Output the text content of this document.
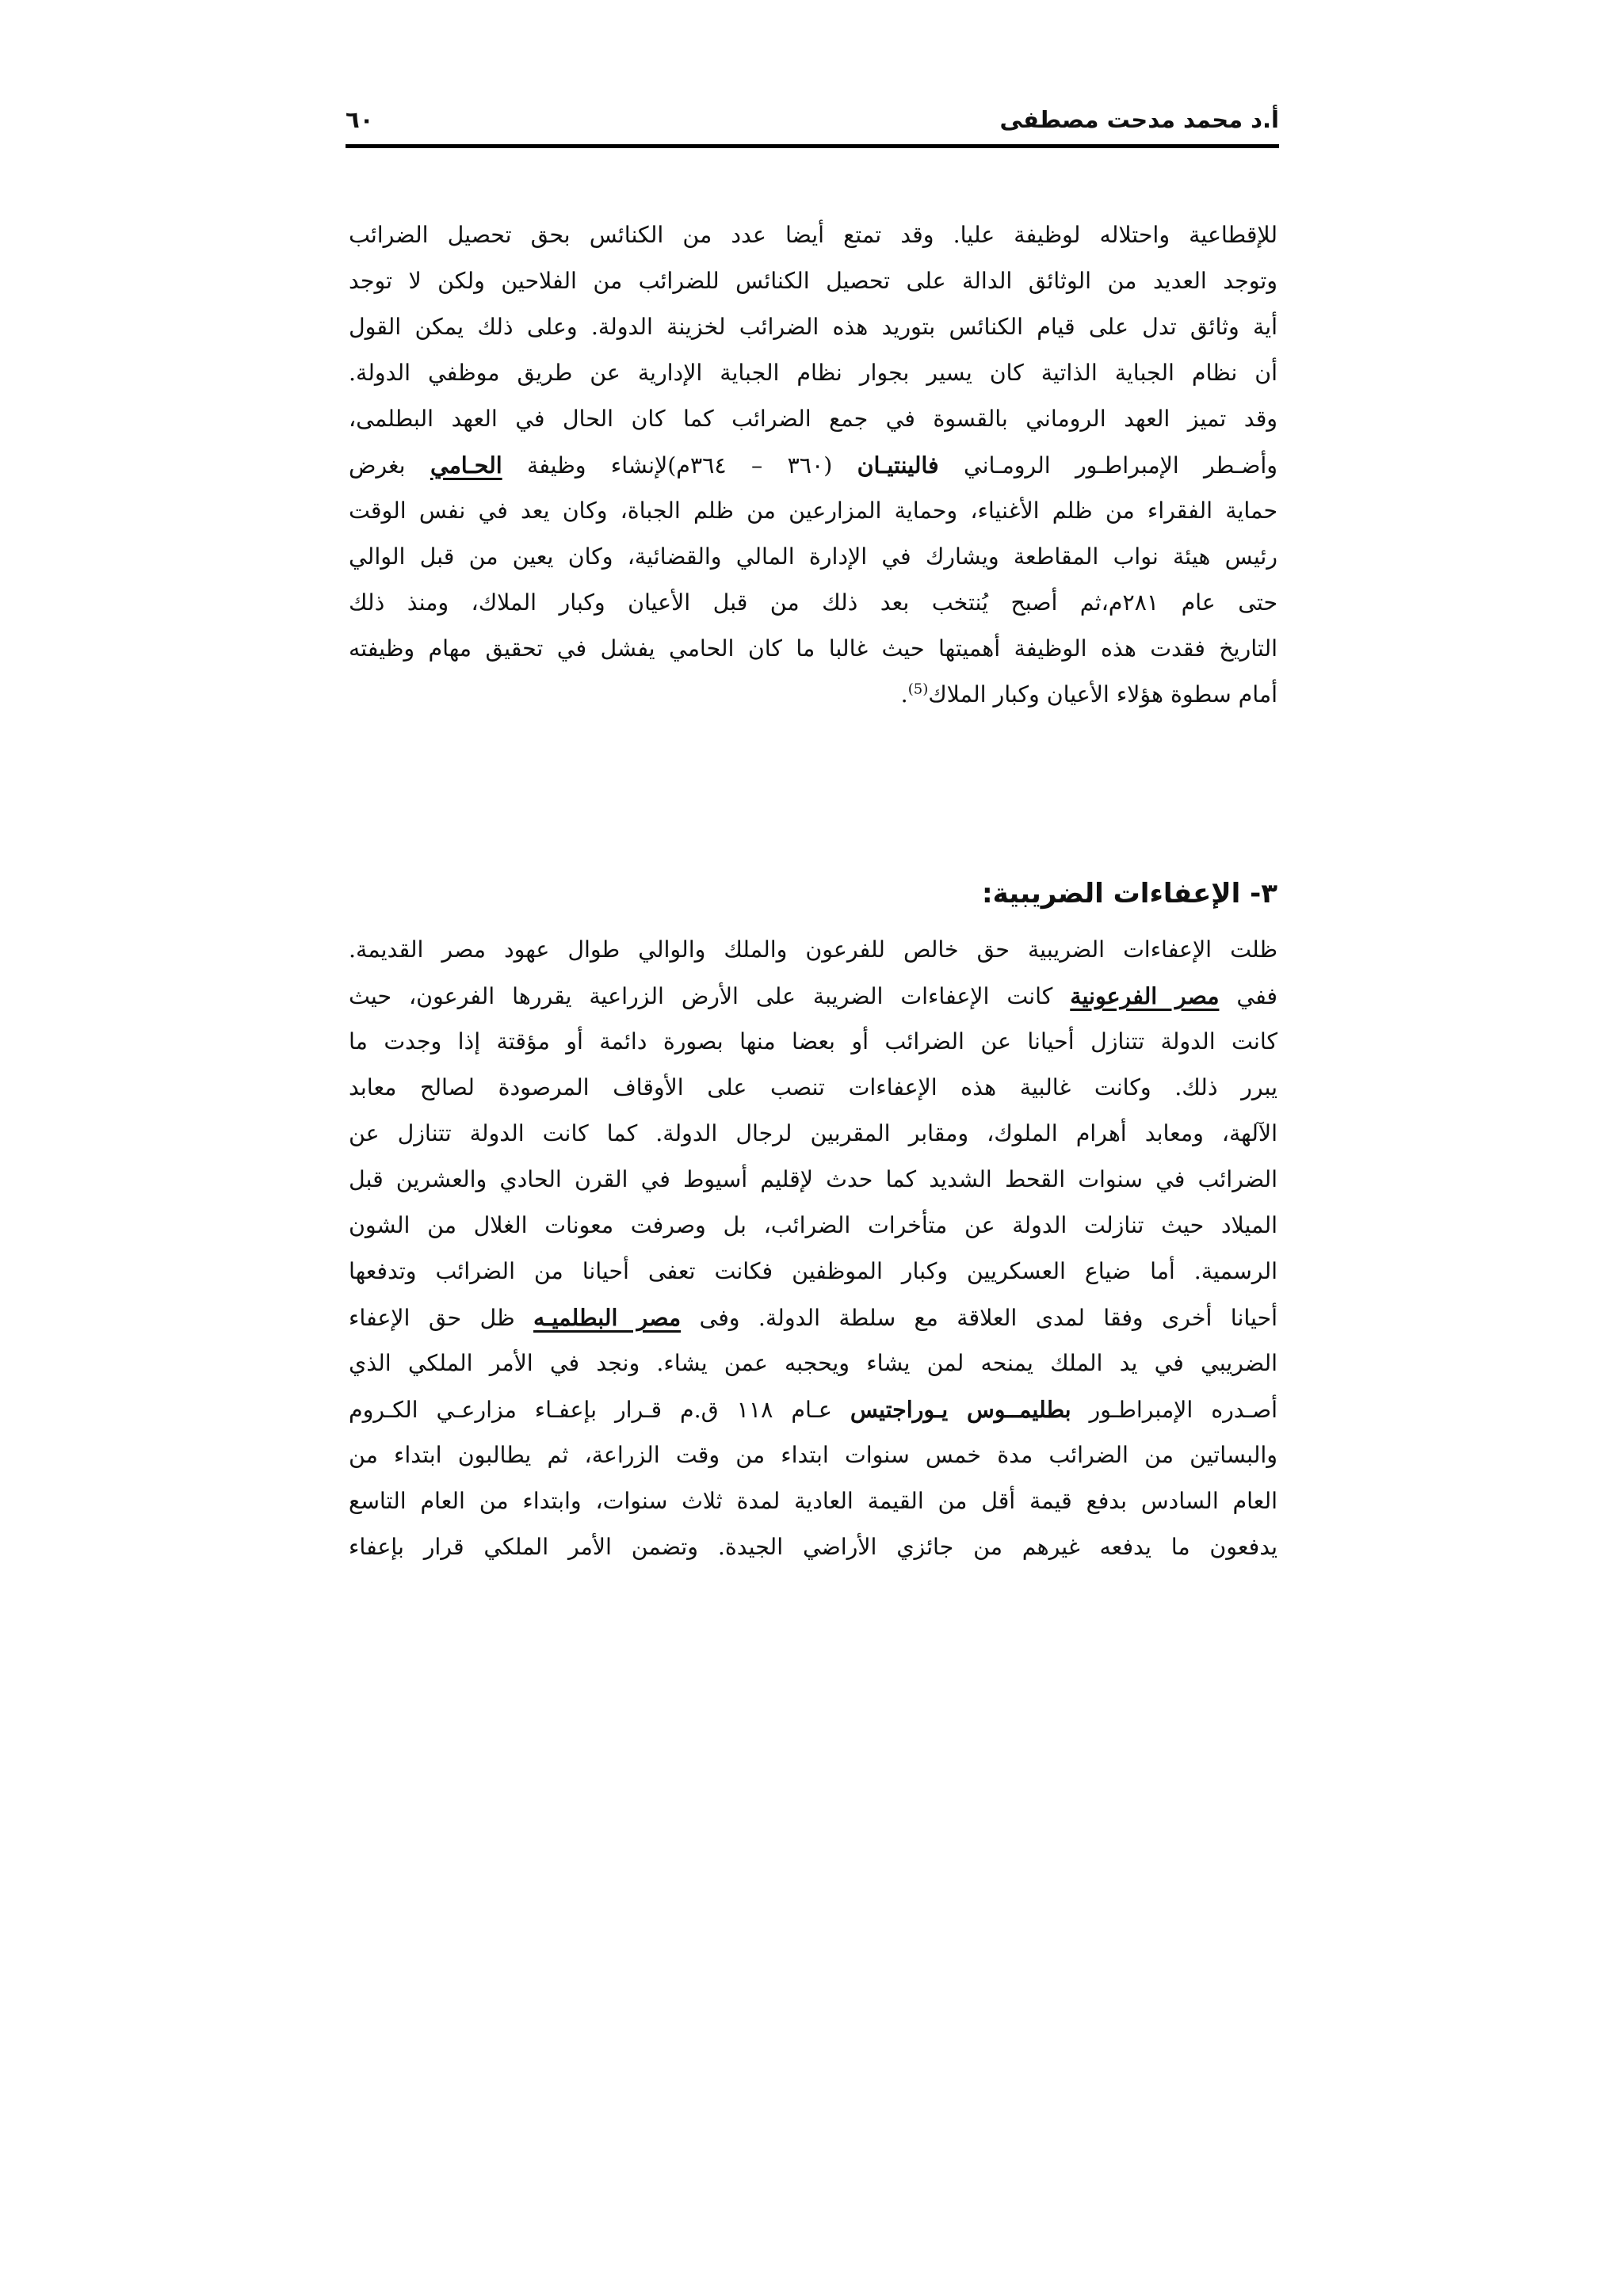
أ.د محمد مدحت مصطفى
٦٠
للإقطاعية واحتلاله لوظيفة عليا. وقد تمتع أيضا عدد من الكنائس بحق تحصيل الضرائب
وتوجد العديد من الوثائق الدالة على تحصيل الكنائس للضرائب من الفلاحين ولكن لا توجد
أية وثائق تدل على قيام الكنائس بتوريد هذه الضرائب لخزينة الدولة. وعلى ذلك يمكن القول
أن نظام الجباية الذاتية كان يسير بجوار نظام الجباية الإدارية عن طريق موظفي الدولة.
وقد تميز العهد الروماني بالقسوة في جمع الضرائب كما كان الحال في العهد البطلمى،
وأضـطر الإمبراطـور الرومـاني فالينتيـان (٣٦٠ – ٣٦٤م)لإنشاء وظيفة الحـامي بغرض
حماية الفقراء من ظلم الأغنياء، وحماية المزارعين من ظلم الجباة، وكان يعد في نفس الوقت
رئيس هيئة نواب المقاطعة ويشارك في الإدارة المالي والقضائية، وكان يعين من قبل الوالي
حتى عام ٢٨١م،ثم أصبح يُنتخب بعد ذلك من قبل الأعيان وكبار الملاك، ومنذ ذلك
التاريخ فقدت هذه الوظيفة أهميتها حيث غالبا ما كان الحامي يفشل في تحقيق مهام وظيفته
أمام سطوة هؤلاء الأعيان وكبار الملاك$^{(5)}$.
٣- الإعفاءات الضريبية:
ظلت الإعفاءات الضريبية حق خالص للفرعون والملك والوالي طوال عهود مصر القديمة.
ففي مصر الفرعونية كانت الإعفاءات الضريبة على الأرض الزراعية يقررها الفرعون، حيث
كانت الدولة تتنازل أحيانا عن الضرائب أو بعضا منها بصورة دائمة أو مؤقتة إذا وجدت ما
يبرر ذلك. وكانت غالبية هذه الإعفاءات تنصب على الأوقاف المرصودة لصالح معابد
الآلهة، ومعابد أهرام الملوك، ومقابر المقربين لرجال الدولة. كما كانت الدولة تتنازل عن
الضرائب في سنوات القحط الشديد كما حدث لإقليم أسيوط في القرن الحادي والعشرين قبل
الميلاد حيث تنازلت الدولة عن متأخرات الضرائب، بل وصرفت معونات الغلال من الشون
الرسمية. أما ضياع العسكريين وكبار الموظفين فكانت تعفى أحيانا من الضرائب وتدفعها
أحيانا أخرى وفقا لمدى العلاقة مع سلطة الدولة. وفى مصر البطلميـه ظل حق الإعفاء
الضريبي في يد الملك يمنحه لمن يشاء ويحجبه عمن يشاء. ونجد في الأمر الملكي الذي
أصـدره الإمبراطـور بطليمــوس يـوراجتيس عـام ١١٨ ق.م قـرار بإعفـاء مزارعـي الكـروم
والبساتين من الضرائب مدة خمس سنوات ابتداء من وقت الزراعة، ثم يطالبون ابتداء من
العام السادس بدفع قيمة أقل من القيمة العادية لمدة ثلاث سنوات، وابتداء من العام التاسع
يدفعون ما يدفعه غيرهم من جائزي الأراضي الجيدة. وتضمن الأمر الملكي قرار بإعفاء
